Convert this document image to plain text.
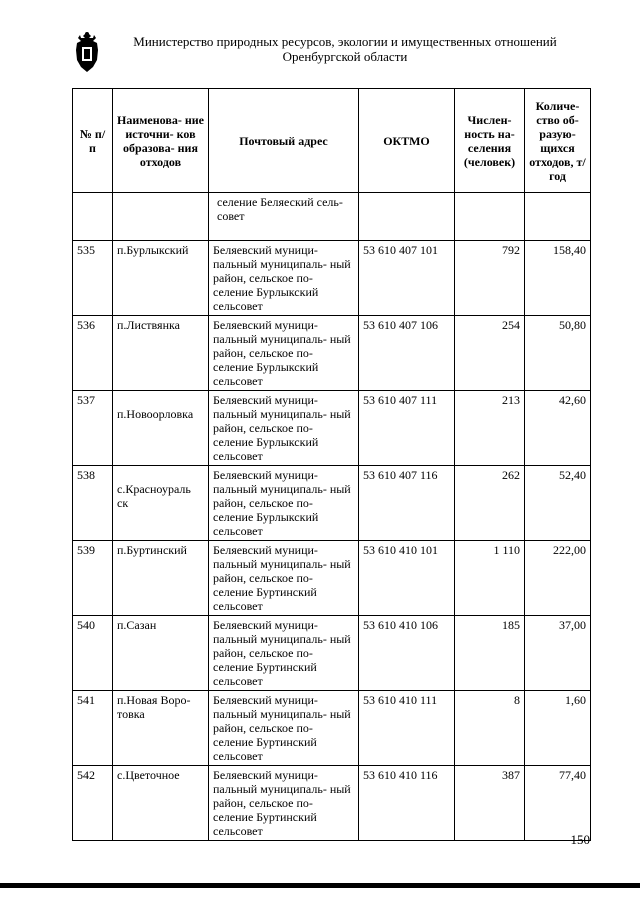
Министерство природных ресурсов, экологии и имущественных отношений
Оренбургской области
№ п/п	Наименова- ние источни- ков образова- ния отходов	Почтовый адрес	ОКТМО	Числен- ность на- селения (человек)	Количе- ство об- разую- щихся отходов, т/год

		селение Беляеский сель- совет			

535	п.Бурлыкский	Беляевский муници- пальный муниципаль- ный район, сельское по- селение Бурлыкский сельсовет	53 610 407 101	792	158,40
536	п.Листвянка	Беляевский муници- пальный муниципаль- ный район, сельское по- селение Бурлыкский сельсовет	53 610 407 106	254	50,80
537	п.Новоорловка	Беляевский муници- пальный муниципаль- ный район, сельское по- селение Бурлыкский сельсовет	53 610 407 111	213	42,60
538	с.Красноураль ск	Беляевский муници- пальный муниципаль- ный район, сельское по- селение Бурлыкский сельсовет	53 610 407 116	262	52,40
539	п.Буртинский	Беляевский муници- пальный муниципаль- ный район, сельское по- селение Буртинский сельсовет	53 610 410 101	1 110	222,00
540	п.Сазан	Беляевский муници- пальный муниципаль- ный район, сельское по- селение Буртинский сельсовет	53 610 410 106	185	37,00
541	п.Новая Воро- товка	Беляевский муници- пальный муниципаль- ный район, сельское по- селение Буртинский сельсовет	53 610 410 111	8	1,60
542	с.Цветочное	Беляевский муници- пальный муниципаль- ный район, сельское по- селение Буртинский сельсовет	53 610 410 116	387	77,40
150
